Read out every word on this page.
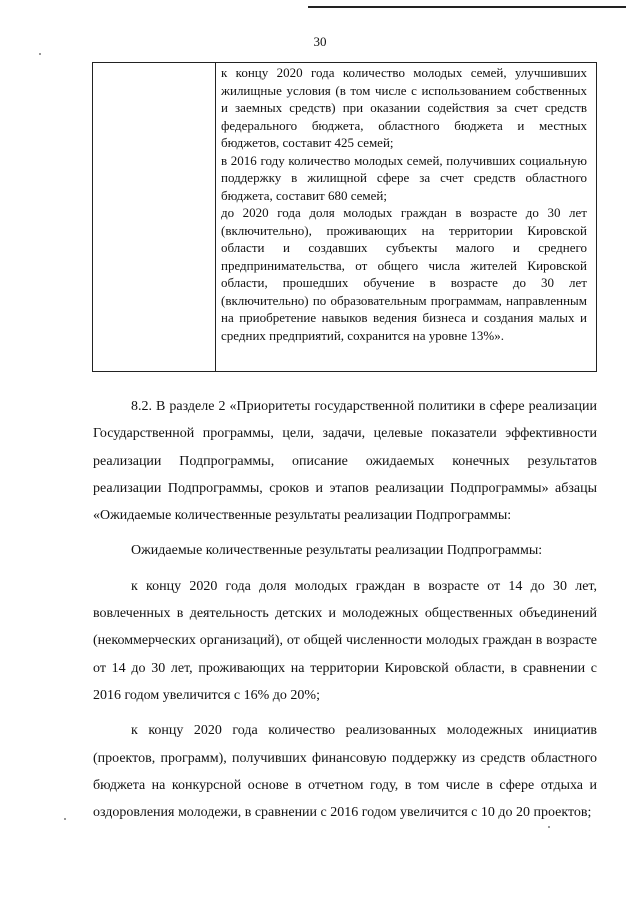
30

к концу 2020 года количество молодых семей, улучшивших жилищные условия (в том числе с использованием собственных и заемных средств) при оказании содействия за счет средств федерального бюджета, областного бюджета и местных бюджетов, составит 425 семей;

в 2016 году количество молодых семей, получивших социальную поддержку в жилищной сфере за счет средств областного бюджета, составит 680 семей;

до 2020 года доля молодых граждан в возрасте до 30 лет (включительно), проживающих на территории Кировской области и создавших субъекты малого и среднего предпринимательства, от общего числа жителей Кировской области, прошедших обучение в возрасте до 30 лет (включительно) по образовательным программам, направленным на приобретение навыков ведения бизнеса и создания малых и средних предприятий, сохранится на уровне 13%».

8.2. В разделе 2 «Приоритеты государственной политики в сфере реализации Государственной программы, цели, задачи, целевые показатели эффективности реализации Подпрограммы, описание ожидаемых конечных результатов реализации Подпрограммы, сроков и этапов реализации Подпрограммы» абзацы «Ожидаемые количественные результаты реализации Подпрограммы:

Ожидаемые количественные результаты реализации Подпрограммы:

к концу 2020 года доля молодых граждан в возрасте от 14 до 30 лет, вовлеченных в деятельность детских и молодежных общественных объединений (некоммерческих организаций), от общей численности молодых граждан в возрасте от 14 до 30 лет, проживающих на территории Кировской области, в сравнении с 2016 годом увеличится с 16% до 20%;

к концу 2020 года количество реализованных молодежных инициатив (проектов, программ), получивших финансовую поддержку из средств областного бюджета на конкурсной основе в отчетном году, в том числе в сфере отдыха и оздоровления молодежи, в сравнении с 2016 годом увеличится с 10 до 20 проектов;
